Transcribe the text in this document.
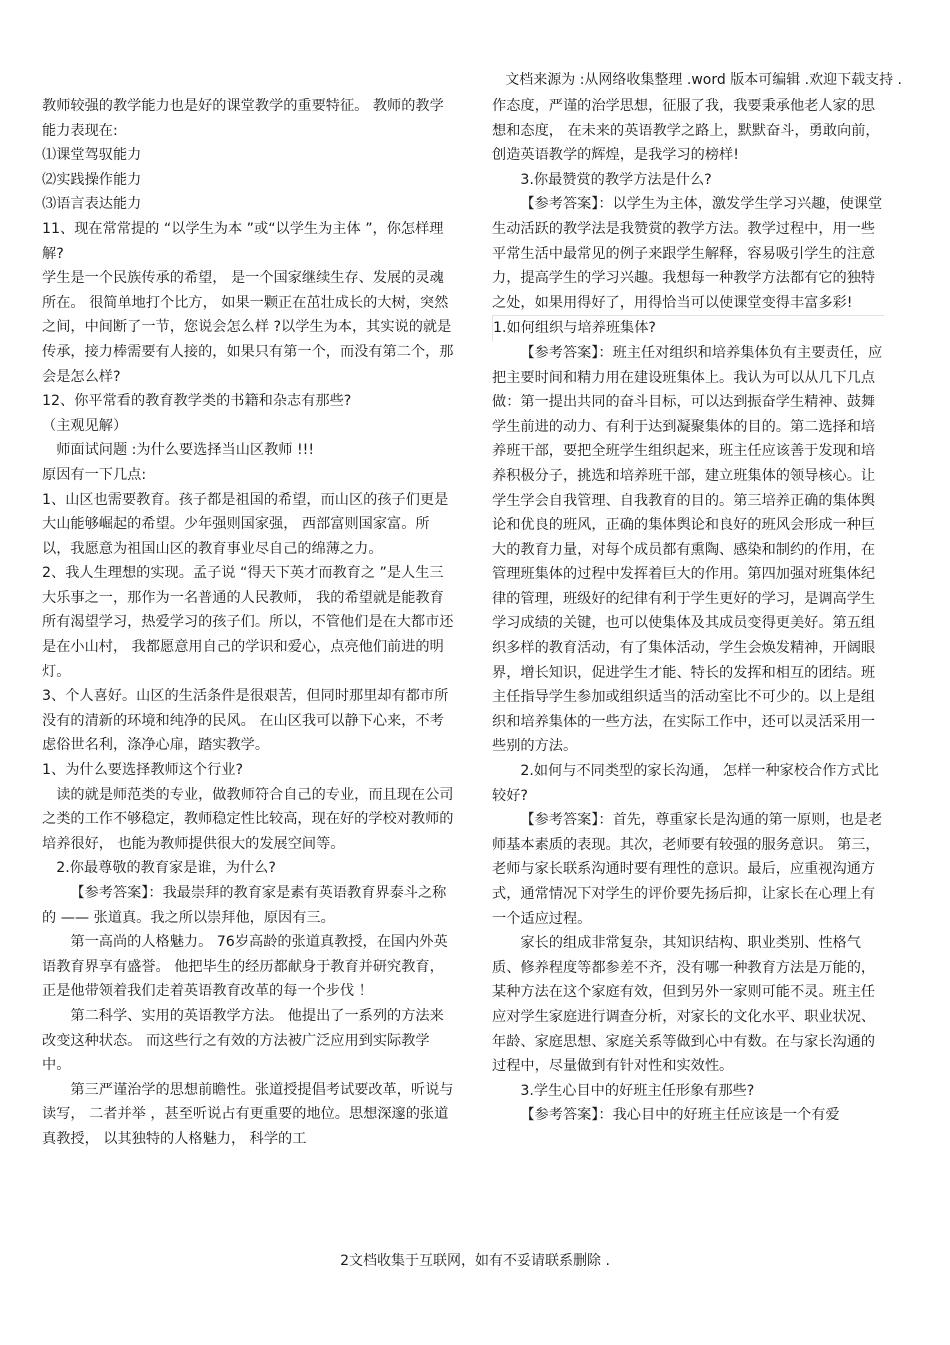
文档来源为 :从网络收集整理 .word 版本可编辑 .欢迎下载支持 .

教师较强的教学能力也是好的课堂教学的重要特征。 教师的教学能力表现在:

⑴课堂驾驭能力

⑵实践操作能力

⑶语言表达能力

11、现在常常提的 “以学生为本 ”或“以学生为主体 ”，你怎样理解?

学生是一个民族传承的希望， 是一个国家继续生存、发展的灵魂所在。 很简单地打个比方， 如果一颗正在茁壮成长的大树，突然之间，中间断了一节，您说会怎么样 ?以学生为本，其实说的就是传承，接力棒需要有人接的，如果只有第一个，而没有第二个，那会是怎么样?

12、你平常看的教育教学类的书籍和杂志有那些?

（主观见解）

师面试问题 :为什么要选择当山区教师 !!!

原因有一下几点:

1、山区也需要教育。孩子都是祖国的希望，而山区的孩子们更是大山能够崛起的希望。少年强则国家强， 西部富则国家富。所以，我愿意为祖国山区的教育事业尽自己的绵薄之力。

2、我人生理想的实现。孟子说 “得天下英才而教育之 ”是人生三大乐事之一，那作为一名普通的人民教师， 我的希望就是能教育所有渴望学习，热爱学习的孩子们。所以，不管他们是在大都市还是在小山村， 我都愿意用自己的学识和爱心，点亮他们前进的明灯。

3、个人喜好。山区的生活条件是很艰苦，但同时那里却有都市所没有的清新的环境和纯净的民风。 在山区我可以静下心来，不考虑俗世名利，涤净心扉，踏实教学。

1、为什么要选择教师这个行业?

读的就是师范类的专业，做教师符合自己的专业，而且现在公司之类的工作不够稳定，教师稳定性比较高，现在好的学校对教师的培养很好， 也能为教师提供很大的发展空间等。

2.你最尊敬的教育家是谁，为什么?

【参考答案】：我最崇拜的教育家是素有英语教育界泰斗之称的 —— 张道真。我之所以崇拜他，原因有三。

第一高尚的人格魅力。 76岁高龄的张道真教授，在国内外英语教育界享有盛誉。 他把毕生的经历都献身于教育并研究教育， 正是他带领着我们走着英语教育改革的每一个步伐 ！

第二科学、实用的英语教学方法。 他提出了一系列的方法来改变这种状态。 而这些行之有效的方法被广泛应用到实际教学中。

第三严谨治学的思想前瞻性。张道授提倡考试要改革，听说与读写， 二者并举 ，甚至听说占有更重要的地位。思想深邃的张道真教授， 以其独特的人格魅力， 科学的工

作态度，严谨的治学思想，征服了我，我要秉承他老人家的思想和态度， 在未来的英语教学之路上，默默奋斗，勇敢向前，创造英语教学的辉煌，是我学习的榜样!

3.你最赞赏的教学方法是什么?

【参考答案】：以学生为主体，激发学生学习兴趣，使课堂生动活跃的教学法是我赞赏的教学方法。教学过程中，用一些平常生活中最常见的例子来跟学生解释，容易吸引学生的注意力，提高学生的学习兴趣。我想每一种教学方法都有它的独特之处，如果用得好了，用得恰当可以使课堂变得丰富多彩!

1.如何组织与培养班集体?

【参考答案】：班主任对组织和培养集体负有主要责任，应把主要时间和精力用在建设班集体上。我认为可以从几下几点做：第一提出共同的奋斗目标，可以达到振奋学生精神、鼓舞学生前进的动力、有利于达到凝聚集体的目的。第二选择和培养班干部，要把全班学生组织起来，班主任应该善于发现和培养积极分子，挑选和培养班干部，建立班集体的领导核心。让学生学会自我管理、自我教育的目的。第三培养正确的集体舆论和优良的班风，正确的集体舆论和良好的班风会形成一种巨大的教育力量，对每个成员都有熏陶、感染和制约的作用，在管理班集体的过程中发挥着巨大的作用。第四加强对班集体纪律的管理，班级好的纪律有利于学生更好的学习，是调高学生学习成绩的关键，也可以使集体及其成员变得更美好。第五组织多样的教育活动，有了集体活动，学生会焕发精神，开阔眼界，增长知识，促进学生才能、特长的发挥和相互的团结。班主任指导学生参加或组织适当的活动室比不可少的。以上是组织和培养集体的一些方法，在实际工作中，还可以灵活采用一些别的方法。

2.如何与不同类型的家长沟通， 怎样一种家校合作方式比较好?

【参考答案】：首先，尊重家长是沟通的第一原则，也是老师基本素质的表现。其次，老师要有较强的服务意识。 第三，老师与家长联系沟通时要有理性的意识。最后，应重视沟通方式，通常情况下对学生的评价要先扬后抑，让家长在心理上有一个适应过程。

家长的组成非常复杂，其知识结构、职业类别、性格气质、修养程度等都参差不齐，没有哪一种教育方法是万能的，某种方法在这个家庭有效，但到另外一家则可能不灵。班主任应对学生家庭进行调查分析，对家长的文化水平、职业状况、年龄、家庭思想、家庭关系等做到心中有数。在与家长沟通的过程中，尽量做到有针对性和实效性。

3.学生心目中的好班主任形象有那些?

【参考答案】：我心目中的好班主任应该是一个有爱

2文档收集于互联网，如有不妥请联系删除 .
